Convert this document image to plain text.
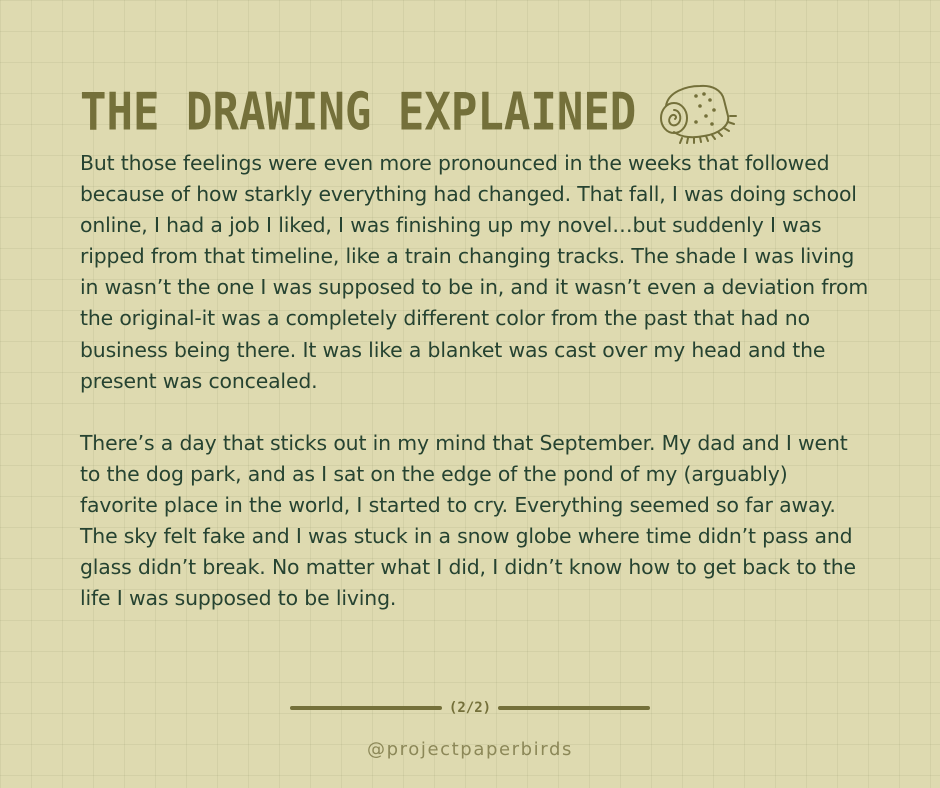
THE DRAWING EXPLAINED

But those feelings were even more pronounced in the weeks that followed because of how starkly everything had changed. That fall, I was doing school online, I had a job I liked, I was finishing up my novel…but suddenly I was ripped from that timeline, like a train changing tracks. The shade I was living in wasn’t the one I was supposed to be in, and it wasn’t even a deviation from the original-it was a completely different color from the past that had no business being there. It was like a blanket was cast over my head and the present was concealed.

There’s a day that sticks out in my mind that September. My dad and I went to the dog park, and as I sat on the edge of the pond of my (arguably) favorite place in the world, I started to cry. Everything seemed so far away. The sky felt fake and I was stuck in a snow globe where time didn’t pass and glass didn’t break. No matter what I did, I didn’t know how to get back to the life I was supposed to be living.

(2/2)
@projectpaperbirds
